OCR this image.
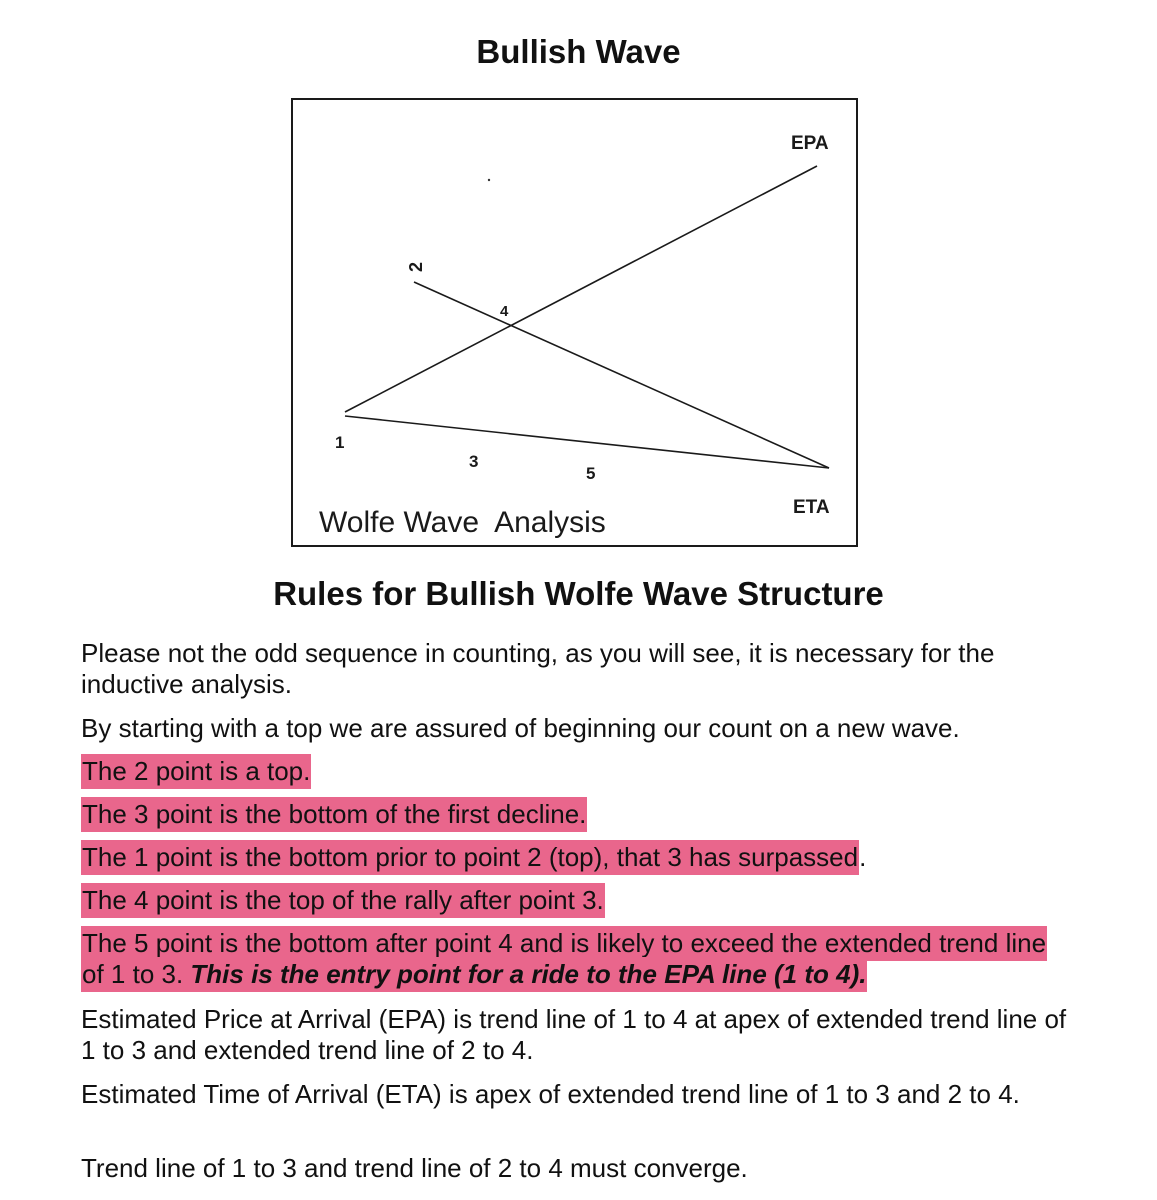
Bullish Wave
2
4
1
3
5
EPA
ETA
Wolfe Wave  Analysis
Rules for Bullish Wolfe Wave Structure

Please not the odd sequence in counting, as you will see, it is necessary for the inductive analysis.

By starting with a top we are assured of beginning our count on a new wave.

The 2 point is a top.

The 3 point is the bottom of the first decline.

The 1 point is the bottom prior to point 2 (top), that 3 has surpassed.

The 4 point is the top of the rally after point 3.

The 5 point is the bottom after point 4 and is likely to exceed the extended trend line of 1 to 3. This is the entry point for a ride to the EPA line (1 to 4).

Estimated Price at Arrival (EPA) is trend line of 1 to 4 at apex of extended trend line of 1 to 3 and extended trend line of 2 to 4.

Estimated Time of Arrival (ETA) is apex of extended trend line of 1 to 3 and 2 to 4.

Trend line of 1 to 3 and trend line of 2 to 4 must converge.
